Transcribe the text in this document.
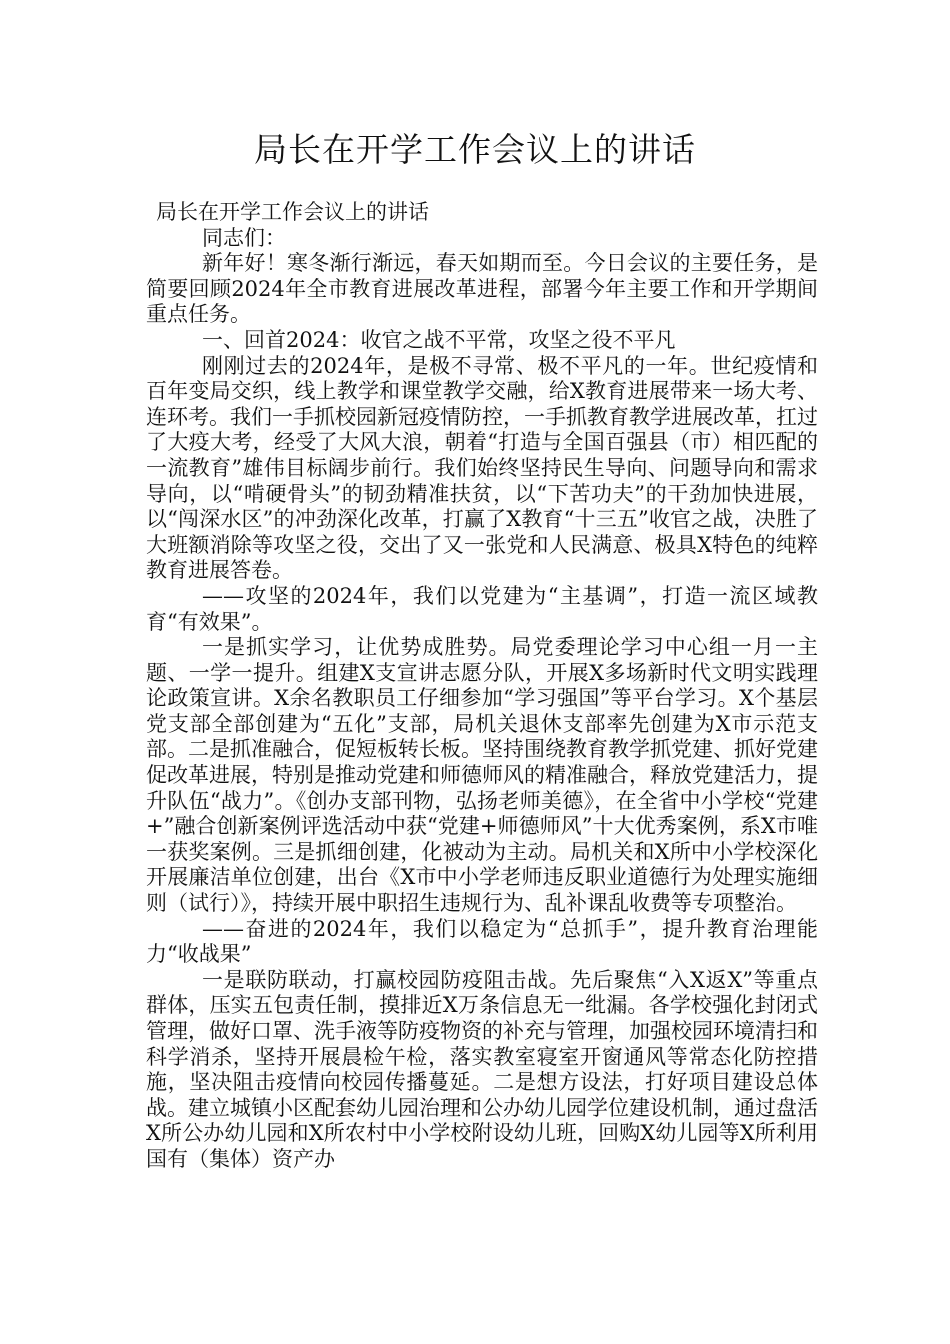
局长在开学工作会议上的讲话

局长在开学工作会议上的讲话

同志们：

新年好！寒冬渐行渐远，春天如期而至。今日会议的主要任务，是简要回顾2024年全市教育进展改革进程，部署今年主要工作和开学期间重点任务。

一、回首2024：收官之战不平常，攻坚之役不平凡

刚刚过去的2024年，是极不寻常、极不平凡的一年。世纪疫情和百年变局交织，线上教学和课堂教学交融，给X教育进展带来一场大考、连环考。我们一手抓校园新冠疫情防控，一手抓教育教学进展改革，扛过了大疫大考，经受了大风大浪，朝着“打造与全国百强县（市）相匹配的一流教育”雄伟目标阔步前行。我们始终坚持民生导向、问题导向和需求导向，以“啃硬骨头”的韧劲精准扶贫，以“下苦功夫”的干劲加快进展，以“闯深水区”的冲劲深化改革，打赢了X教育“十三五”收官之战，决胜了大班额消除等攻坚之役，交出了又一张党和人民满意、极具X特色的纯粹教育进展答卷。

——攻坚的2024年，我们以党建为“主基调”，打造一流区域教育“有效果”。

一是抓实学习，让优势成胜势。局党委理论学习中心组一月一主题、一学一提升。组建X支宣讲志愿分队，开展X多场新时代文明实践理论政策宣讲。X余名教职员工仔细参加“学习强国”等平台学习。X个基层党支部全部创建为“五化”支部，局机关退休支部率先创建为X市示范支部。二是抓准融合，促短板转长板。坚持围绕教育教学抓党建、抓好党建促改革进展，特别是推动党建和师德师风的精准融合，释放党建活力，提升队伍“战力”。《创办支部刊物，弘扬老师美德》，在全省中小学校“党建+”融合创新案例评选活动中获“党建+师德师风”十大优秀案例，系X市唯一获奖案例。三是抓细创建，化被动为主动。局机关和X所中小学校深化开展廉洁单位创建，出台《X市中小学老师违反职业道德行为处理实施细则（试行）》，持续开展中职招生违规行为、乱补课乱收费等专项整治。

——奋进的2024年，我们以稳定为“总抓手”，提升教育治理能力“收战果”

一是联防联动，打赢校园防疫阻击战。先后聚焦“入X返X”等重点群体，压实五包责任制，摸排近X万条信息无一纰漏。各学校强化封闭式管理，做好口罩、洗手液等防疫物资的补充与管理，加强校园环境清扫和科学消杀，坚持开展晨检午检，落实教室寝室开窗通风等常态化防控措施，坚决阻击疫情向校园传播蔓延。二是想方设法，打好项目建设总体战。建立城镇小区配套幼儿园治理和公办幼儿园学位建设机制，通过盘活X所公办幼儿园和X所农村中小学校附设幼儿班，回购X幼儿园等X所利用国有（集体）资产办
